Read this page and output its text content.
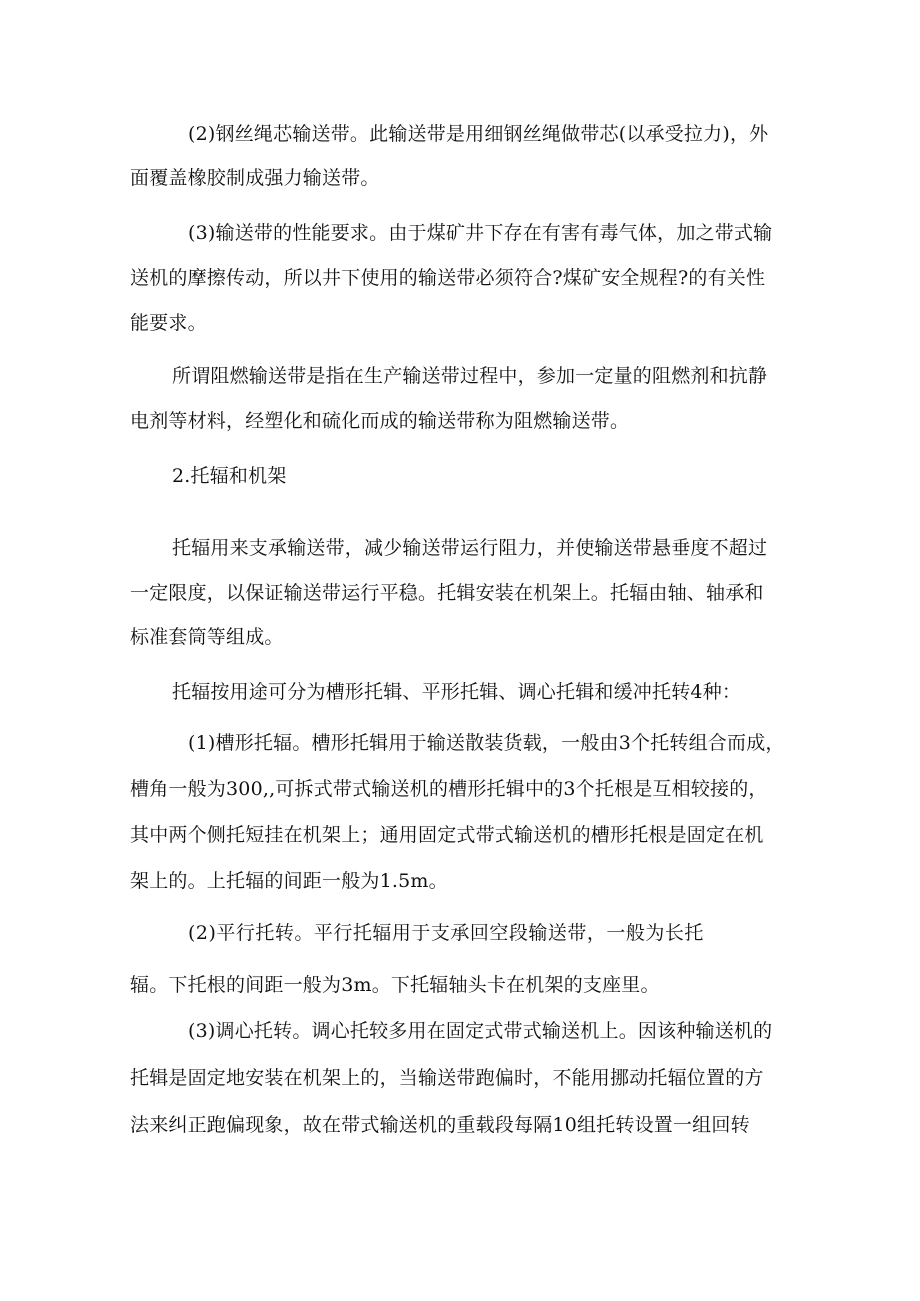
(2)钢丝绳芯输送带。此输送带是用细钢丝绳做带芯(以承受拉力)，外
面覆盖橡胶制成强力输送带。
(3)输送带的性能要求。由于煤矿井下存在有害有毒气体，加之带式输
送机的摩擦传动，所以井下使用的输送带必须符合?煤矿安全规程?的有关性
能要求。
所谓阻燃输送带是指在生产输送带过程中，参加一定量的阻燃剂和抗静
电剂等材料，经塑化和硫化而成的输送带称为阻燃输送带。
2.托辐和机架
托辐用来支承输送带，减少输送带运行阻力，并使输送带悬垂度不超过
一定限度，以保证输送带运行平稳。托辑安装在机架上。托辐由轴、轴承和
标准套筒等组成。
托辐按用途可分为槽形托辑、平形托辑、调心托辑和缓冲托转4种：
(1)槽形托辐。槽形托辑用于输送散装货载，一般由3个托转组合而成，
槽角一般为300,,可拆式带式输送机的槽形托辑中的3个托根是互相较接的，
其中两个侧托短挂在机架上；通用固定式带式输送机的槽形托根是固定在机
架上的。上托辐的间距一般为1.5m。
(2)平行托转。平行托辐用于支承回空段输送带，一般为长托
辐。下托根的间距一般为3m。下托辐轴头卡在机架的支座里。
(3)调心托转。调心托较多用在固定式带式输送机上。因该种输送机的
托辑是固定地安装在机架上的，当输送带跑偏时，不能用挪动托辐位置的方
法来纠正跑偏现象，故在带式输送机的重载段每隔10组托转设置一组回转
